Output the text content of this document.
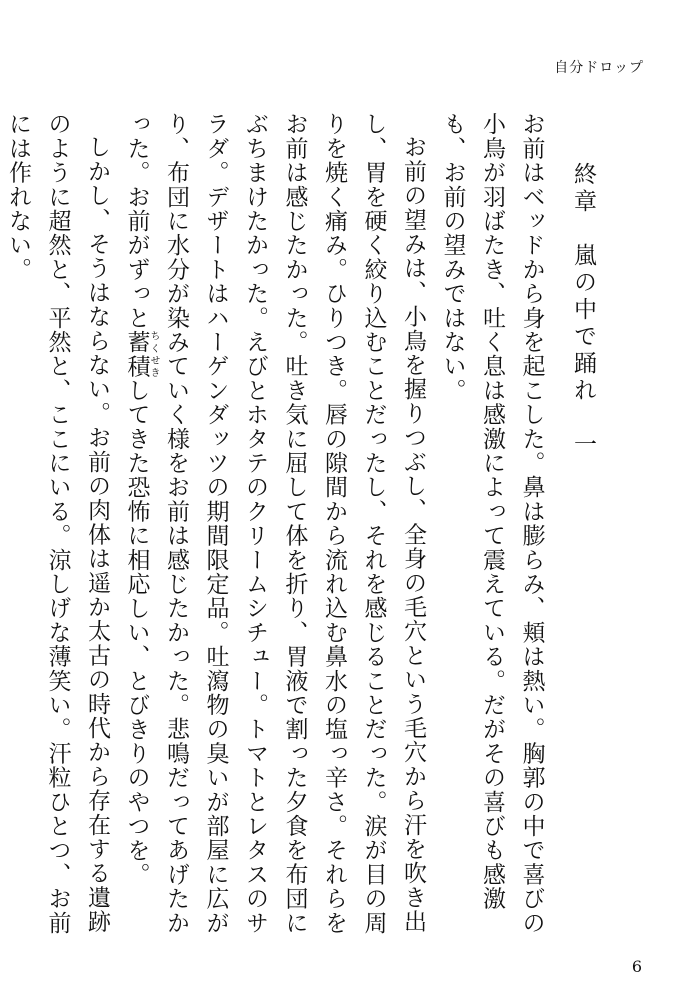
自分ドロップ
終章　嵐の中で踊れ　一

お前はベッドから身を起こした。鼻は膨らみ、頬は熱い。胸郭の中で喜びの小鳥が羽ばたき、吐く息は感激によって震えている。だがその喜びも感激も、お前の望みではない。

お前の望みは、小鳥を握りつぶし、全身の毛穴という毛穴から汗を吹き出し、胃を硬く絞り込むことだったし、それを感じることだった。涙が目の周りを焼く痛み。ひりつき。唇の隙間から流れ込む鼻水の塩っ辛さ。それらをお前は感じたかった。吐き気に屈して体を折り、胃液で割った夕食を布団にぶちまけたかった。えびとホタテのクリームシチュー。トマトとレタスのサラダ。デザートはハーゲンダッツの期間限定品。吐瀉物の臭いが部屋に広がり、布団に水分が染みていく様をお前は感じたかった。悲鳴だってあげたかった。お前がずっと蓄積ちくせきしてきた恐怖に相応しい、とびきりのやつを。

しかし、そうはならない。お前の肉体は遥か太古の時代から存在する遺跡のように超然と、平然と、ここにいる。涼しげな薄笑い。汗粒ひとつ、お前には作れない。

6
